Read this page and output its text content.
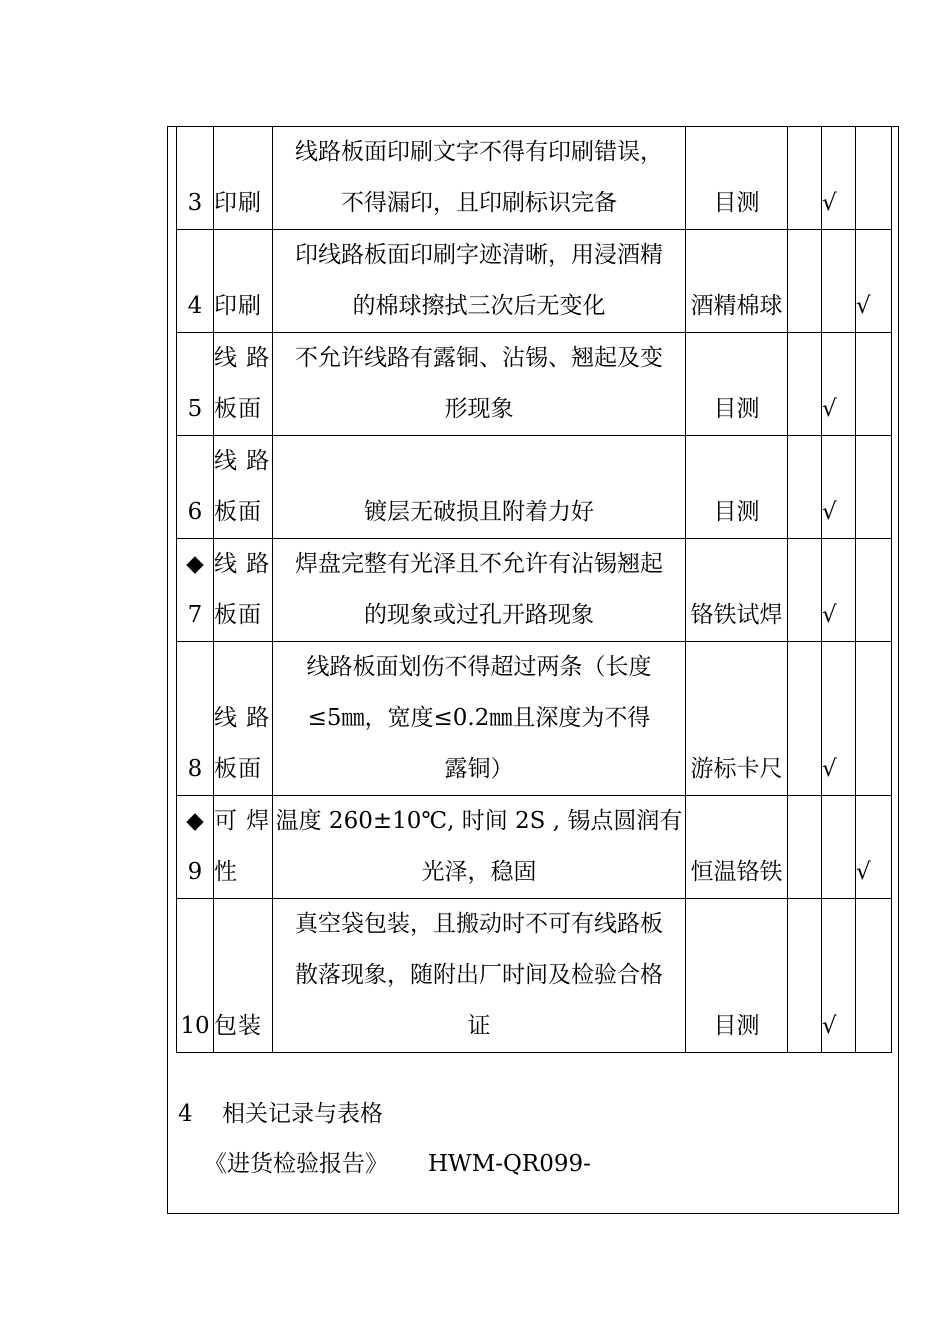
3	印刷	线路板面印刷文字不得有印刷错误，
不得漏印，且印刷标识完备	目测		√	

4	印刷	印线路板面印刷字迹清晰，用浸酒精
的棉球擦拭三次后无变化	酒精棉球			√

5	线 路
板面	不允许线路有露铜、沾锡、翘起及变
形现象	目测		√	

6	线 路
板面	镀层无破损且附着力好	目测		√	

◆
7	线 路
板面	焊盘完整有光泽且不允许有沾锡翘起
的现象或过孔开路现象	铬铁试焊		√	

8	线 路
板面	线路板面划伤不得超过两条（长度
≤5㎜，宽度≤0.2㎜且深度为不得
露铜）	游标卡尺		√	

◆
9	可 焊
性	温度 260±10℃, 时间 2S , 锡点圆润有
光泽，稳固	恒温铬铁			√

10	包装	真空袋包装，且搬动时不可有线路板
散落现象，随附出厂时间及检验合格
证	目测		√	
4 相关记录与表格
《进货检验报告》 HWM-QR099-
